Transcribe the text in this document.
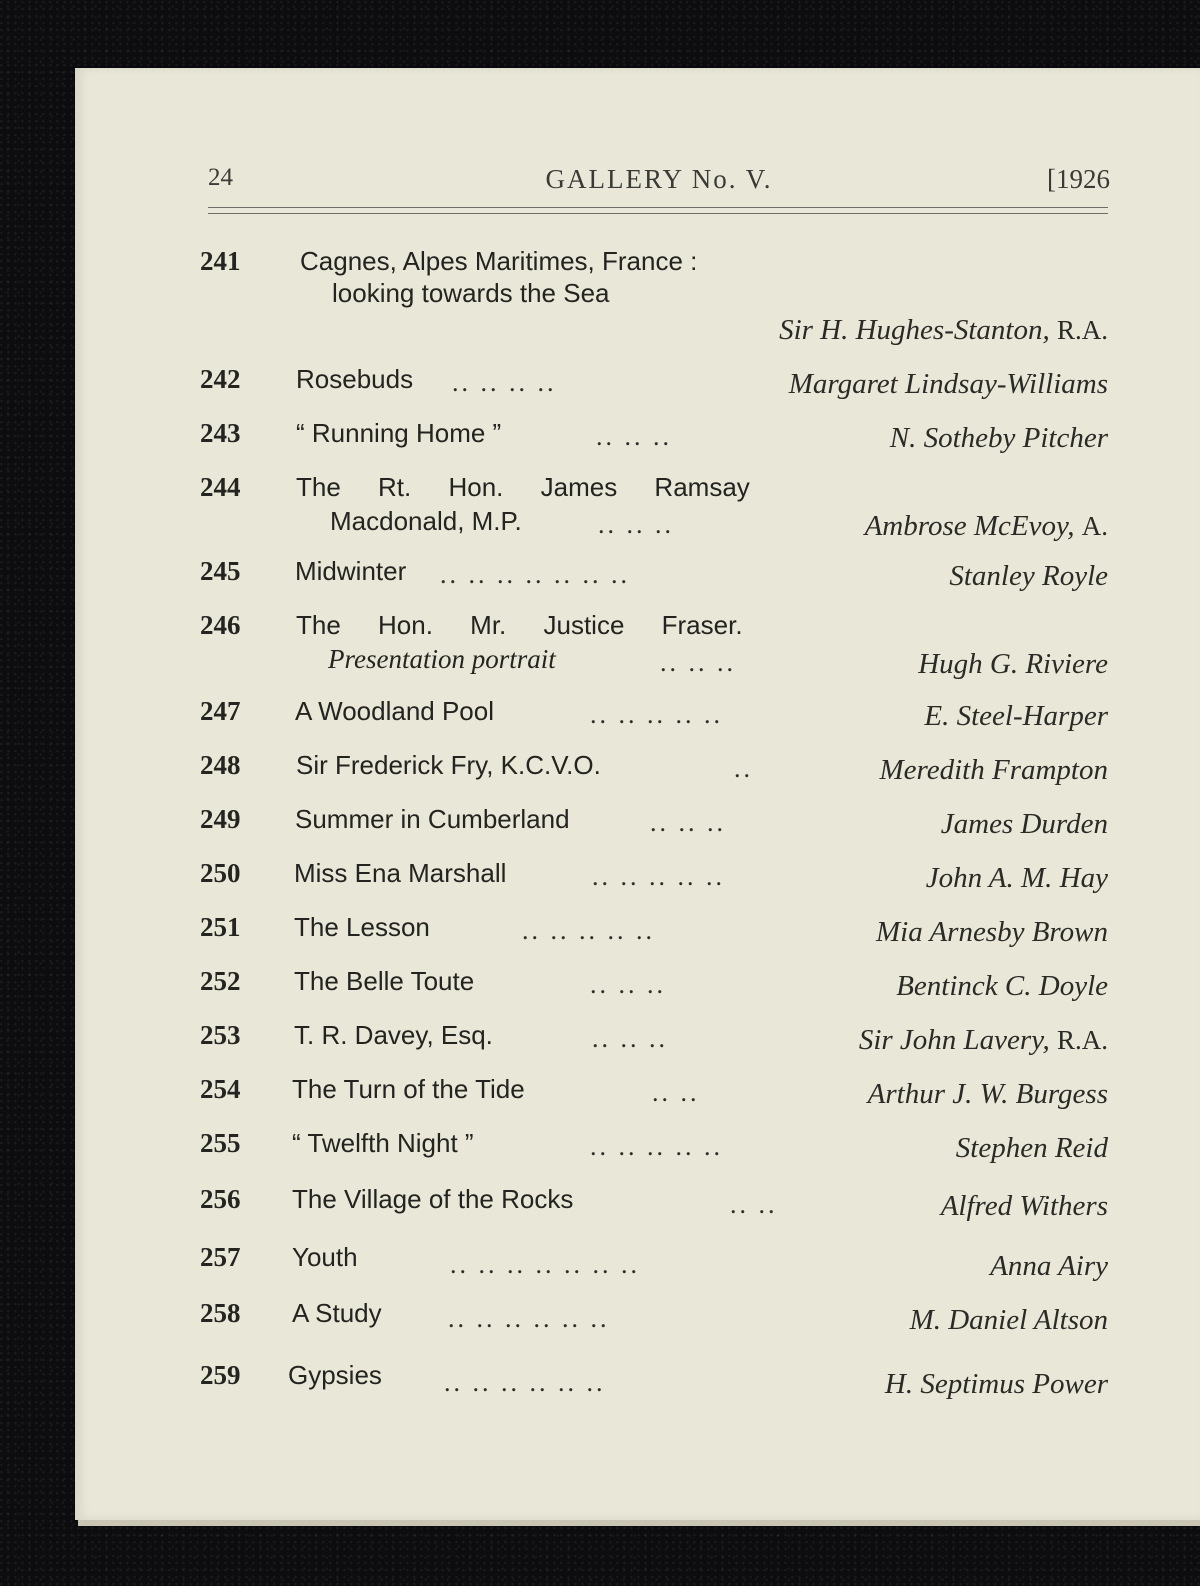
24	GALLERY No. V.	[1926
241	Cagnes, Alpes Maritimes, France :
looking towards the Sea
Sir H. Hughes-Stanton, R.A.
242	Rosebuds	.. .. .. ..	Margaret Lindsay-Williams
243	“ Running Home ”	.. .. ..	N. Sotheby Pitcher
244	The Rt. Hon. James Ramsay
Macdonald, M.P.	.. .. ..	Ambrose McEvoy, A.
245	Midwinter	.. .. .. .. .. .. ..	Stanley Royle
246	The Hon. Mr. Justice Fraser.
Presentation portrait	.. .. ..	Hugh G. Riviere
247	A Woodland Pool	.. .. .. .. ..	E. Steel-Harper
248	Sir Frederick Fry, K.C.V.O.	..	Meredith Frampton
249	Summer in Cumberland	.. .. ..	James Durden
250	Miss Ena Marshall	.. .. .. .. ..	John A. M. Hay
251	The Lesson	.. .. .. .. ..	Mia Arnesby Brown
252	The Belle Toute	.. .. ..	Bentinck C. Doyle
253	T. R. Davey, Esq.	.. .. ..	Sir John Lavery, R.A.
254	The Turn of the Tide	.. ..	Arthur J. W. Burgess
255	“ Twelfth Night ”	.. .. .. .. ..	Stephen Reid
256	The Village of the Rocks	.. ..	Alfred Withers
257	Youth	.. .. .. .. .. .. ..	Anna Airy
258	A Study	.. .. .. .. .. ..	M. Daniel Altson
259	Gypsies	.. .. .. .. .. ..	H. Septimus Power
